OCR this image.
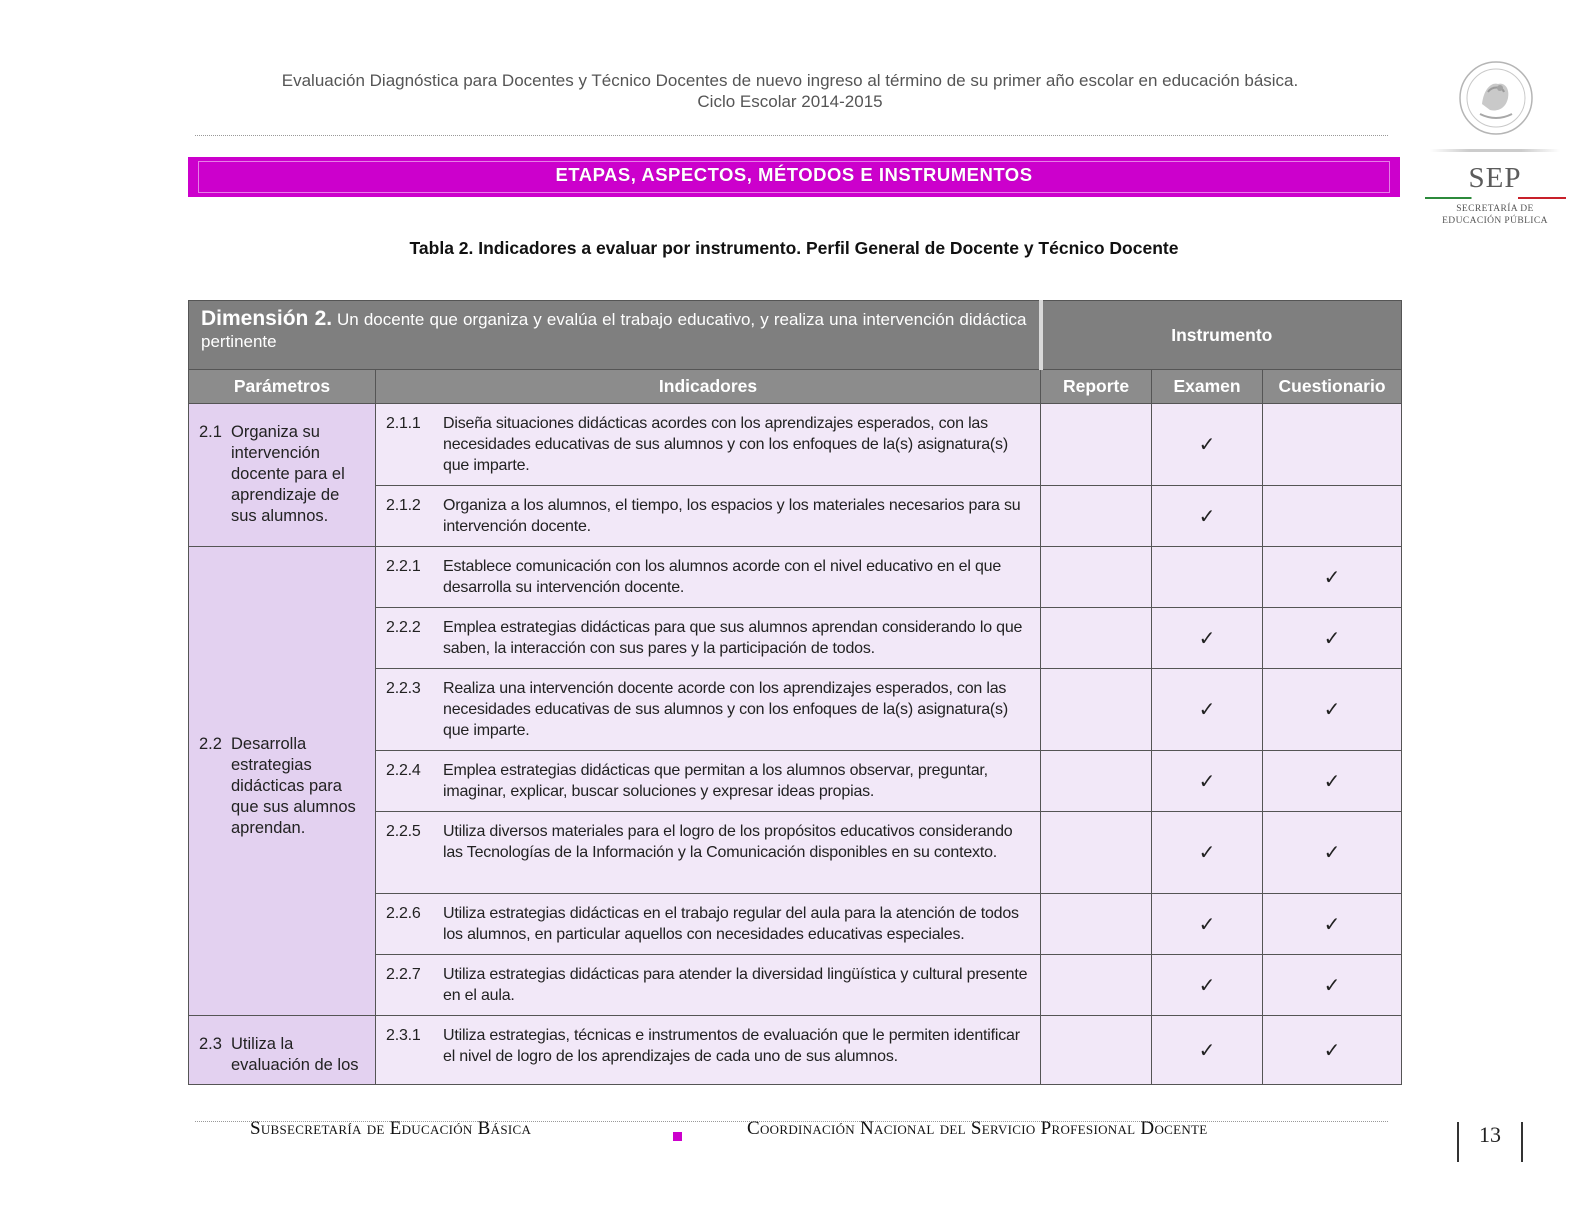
Evaluación Diagnóstica para Docentes y Técnico Docentes de nuevo ingreso al término de su primer año escolar en educación básica.
Ciclo Escolar 2014-2015
SEP
SECRETARÍA DE
EDUCACIÓN PÚBLICA
ETAPAS, ASPECTOS, MÉTODOS E INSTRUMENTOS
Tabla 2. Indicadores a evaluar por instrumento. Perfil General de Docente y Técnico Docente
Dimensión 2. Un docente que organiza y evalúa el trabajo educativo, y realiza una intervención didáctica pertinente		Instrumento		
Parámetros	Indicadores	Reporte	Examen	Cuestionario

2.1 Organiza su intervención docente para el aprendizaje de sus alumnos.	2.1.1 Diseña situaciones didácticas acordes con los aprendizajes esperados, con las necesidades educativas de sus alumnos y con los enfoques de la(s) asignatura(s) que imparte.		✓	

	2.1.2 Organiza a los alumnos, el tiempo, los espacios y los materiales necesarios para su intervención docente.		✓	

2.2 Desarrolla estrategias didácticas para que sus alumnos aprendan.	2.2.1 Establece comunicación con los alumnos acorde con el nivel educativo en el que desarrolla su intervención docente.			✓

	2.2.2 Emplea estrategias didácticas para que sus alumnos aprendan considerando lo que saben, la interacción con sus pares y la participación de todos.		✓	✓

	2.2.3 Realiza una intervención docente acorde con los aprendizajes esperados, con las necesidades educativas de sus alumnos y con los enfoques de la(s) asignatura(s) que imparte.		✓	✓

	2.2.4 Emplea estrategias didácticas que permitan a los alumnos observar, preguntar, imaginar, explicar, buscar soluciones y expresar ideas propias.		✓	✓

	2.2.5 Utiliza diversos materiales para el logro de los propósitos educativos considerando las Tecnologías de la Información y la Comunicación disponibles en su contexto.		✓	✓

	2.2.6 Utiliza estrategias didácticas en el trabajo regular del aula para la atención de todos los alumnos, en particular aquellos con necesidades educativas especiales.		✓	✓

	2.2.7 Utiliza estrategias didácticas para atender la diversidad lingüística y cultural presente en el aula.		✓	✓

2.3 Utiliza la evaluación de los	2.3.1 Utiliza estrategias, técnicas e instrumentos de evaluación que le permiten identificar el nivel de logro de los aprendizajes de cada uno de sus alumnos.		✓	✓
Subsecretaría de Educación Básica	Coordinación Nacional del Servicio Profesional Docente	13
